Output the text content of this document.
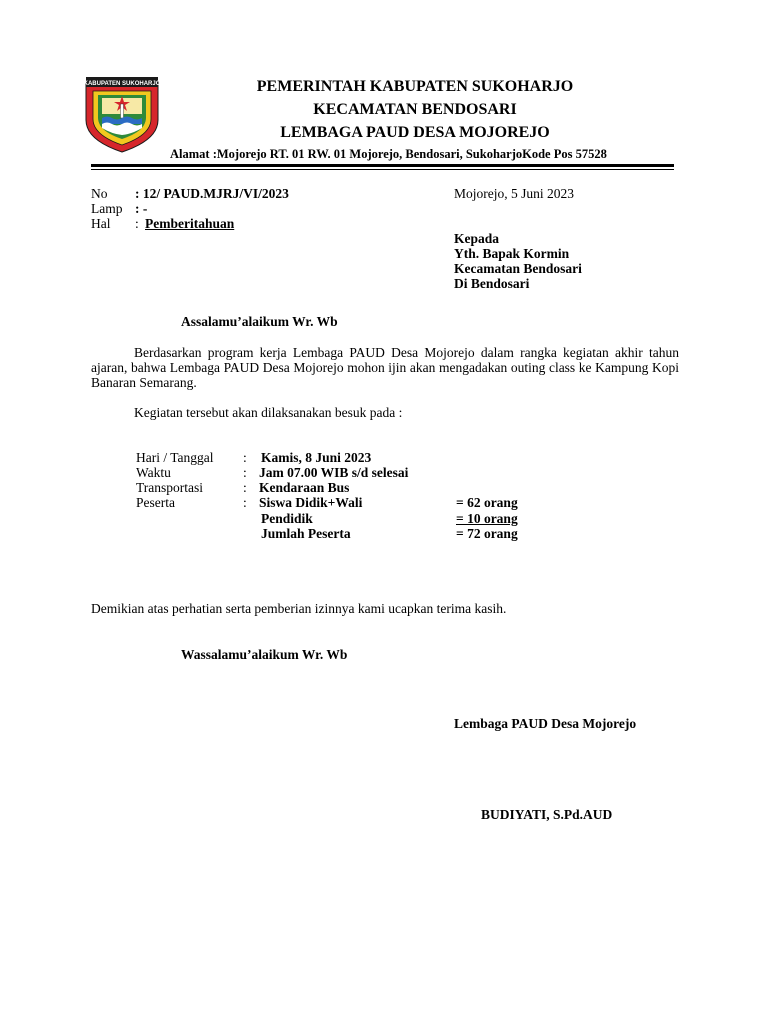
KABUPATEN SUKOHARJO	PEMERINTAH KABUPATEN SUKOHARJO
KECAMATAN BENDOSARI
LEMBAGA PAUD DESA MOJOREJO
Alamat :Mojorejo RT. 01 RW. 01 Mojorejo, Bendosari, SukoharjoKode Pos 57528
No : 12/ PAUD.MJRJ/VI/2023
Lamp : -
Hal : Pemberitahuan
Mojorejo, 5 Juni 2023
Kepada
Yth. Bapak Kormin
Kecamatan Bendosari
Di Bendosari
Assalamu’alaikum Wr. Wb
Berdasarkan program kerja Lembaga PAUD Desa Mojorejo dalam rangka kegiatan akhir tahun ajaran, bahwa Lembaga PAUD Desa Mojorejo mohon ijin akan mengadakan outing class ke Kampung Kopi Banaran Semarang.
Kegiatan tersebut akan dilaksanakan besuk pada :
Hari / Tanggal : Kamis, 8 Juni 2023
Waktu	: Jam 07.00 WIB s/d selesai
Transportasi	: Kendaraan Bus
Peserta	: Siswa Didik+Wali	= 62 orang
Pendidik	= 10 orang
Jumlah Peserta	= 72 orang
Demikian atas perhatian serta pemberian izinnya kami ucapkan terima kasih.
Wassalamu’alaikum Wr. Wb
Lembaga PAUD Desa Mojorejo
BUDIYATI, S.Pd.AUD
